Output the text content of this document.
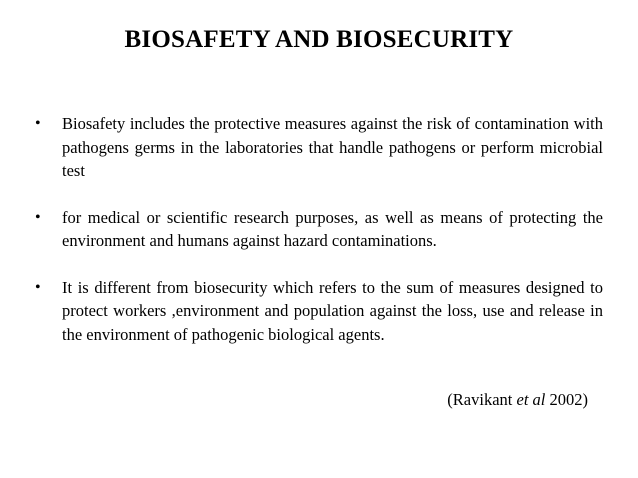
BIOSAFETY AND BIOSECURITY
• Biosafety includes the protective measures against the risk of contamination with pathogens germs in the laboratories that handle pathogens or perform microbial test
• for medical or scientific research purposes, as well as means of protecting the environment and humans against hazard contaminations.
• It is different from biosecurity which refers to the sum of measures designed to protect workers ,environment and population against the loss, use and release in the environment of pathogenic biological agents.
(Ravikant et al 2002)
